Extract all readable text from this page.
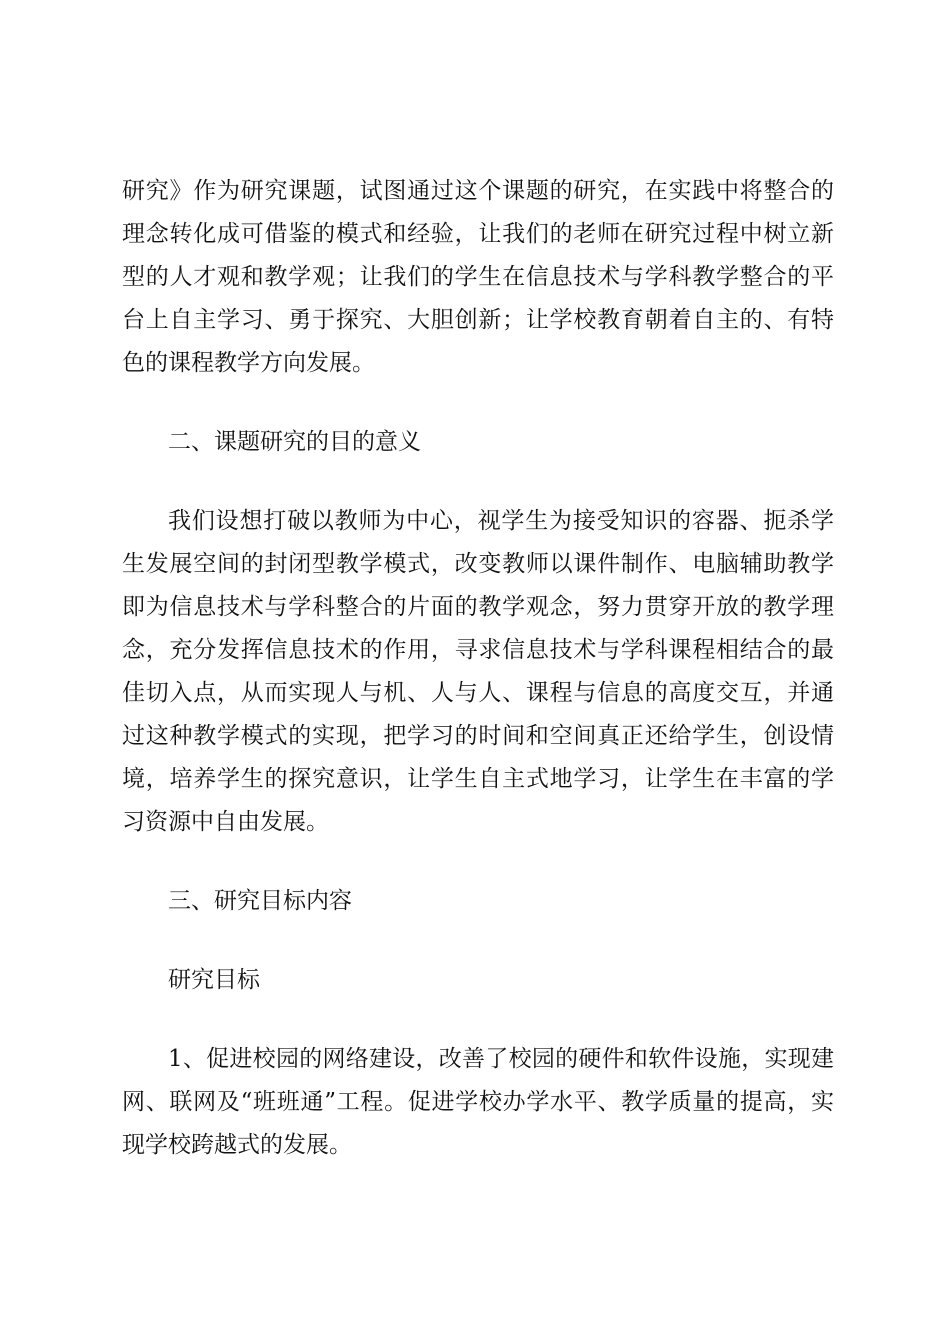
研究》作为研究课题，试图通过这个课题的研究，在实践中将整合的理念转化成可借鉴的模式和经验，让我们的老师在研究过程中树立新型的人才观和教学观；让我们的学生在信息技术与学科教学整合的平台上自主学习、勇于探究、大胆创新；让学校教育朝着自主的、有特色的课程教学方向发展。

二、课题研究的目的意义

我们设想打破以教师为中心，视学生为接受知识的容器、扼杀学生发展空间的封闭型教学模式，改变教师以课件制作、电脑辅助教学即为信息技术与学科整合的片面的教学观念，努力贯穿开放的教学理念，充分发挥信息技术的作用，寻求信息技术与学科课程相结合的最佳切入点，从而实现人与机、人与人、课程与信息的高度交互，并通过这种教学模式的实现，把学习的时间和空间真正还给学生，创设情境，培养学生的探究意识，让学生自主式地学习，让学生在丰富的学习资源中自由发展。

三、研究目标内容

研究目标

1、促进校园的网络建设，改善了校园的硬件和软件设施，实现建网、联网及“班班通”工程。促进学校办学水平、教学质量的提高，实现学校跨越式的发展。
